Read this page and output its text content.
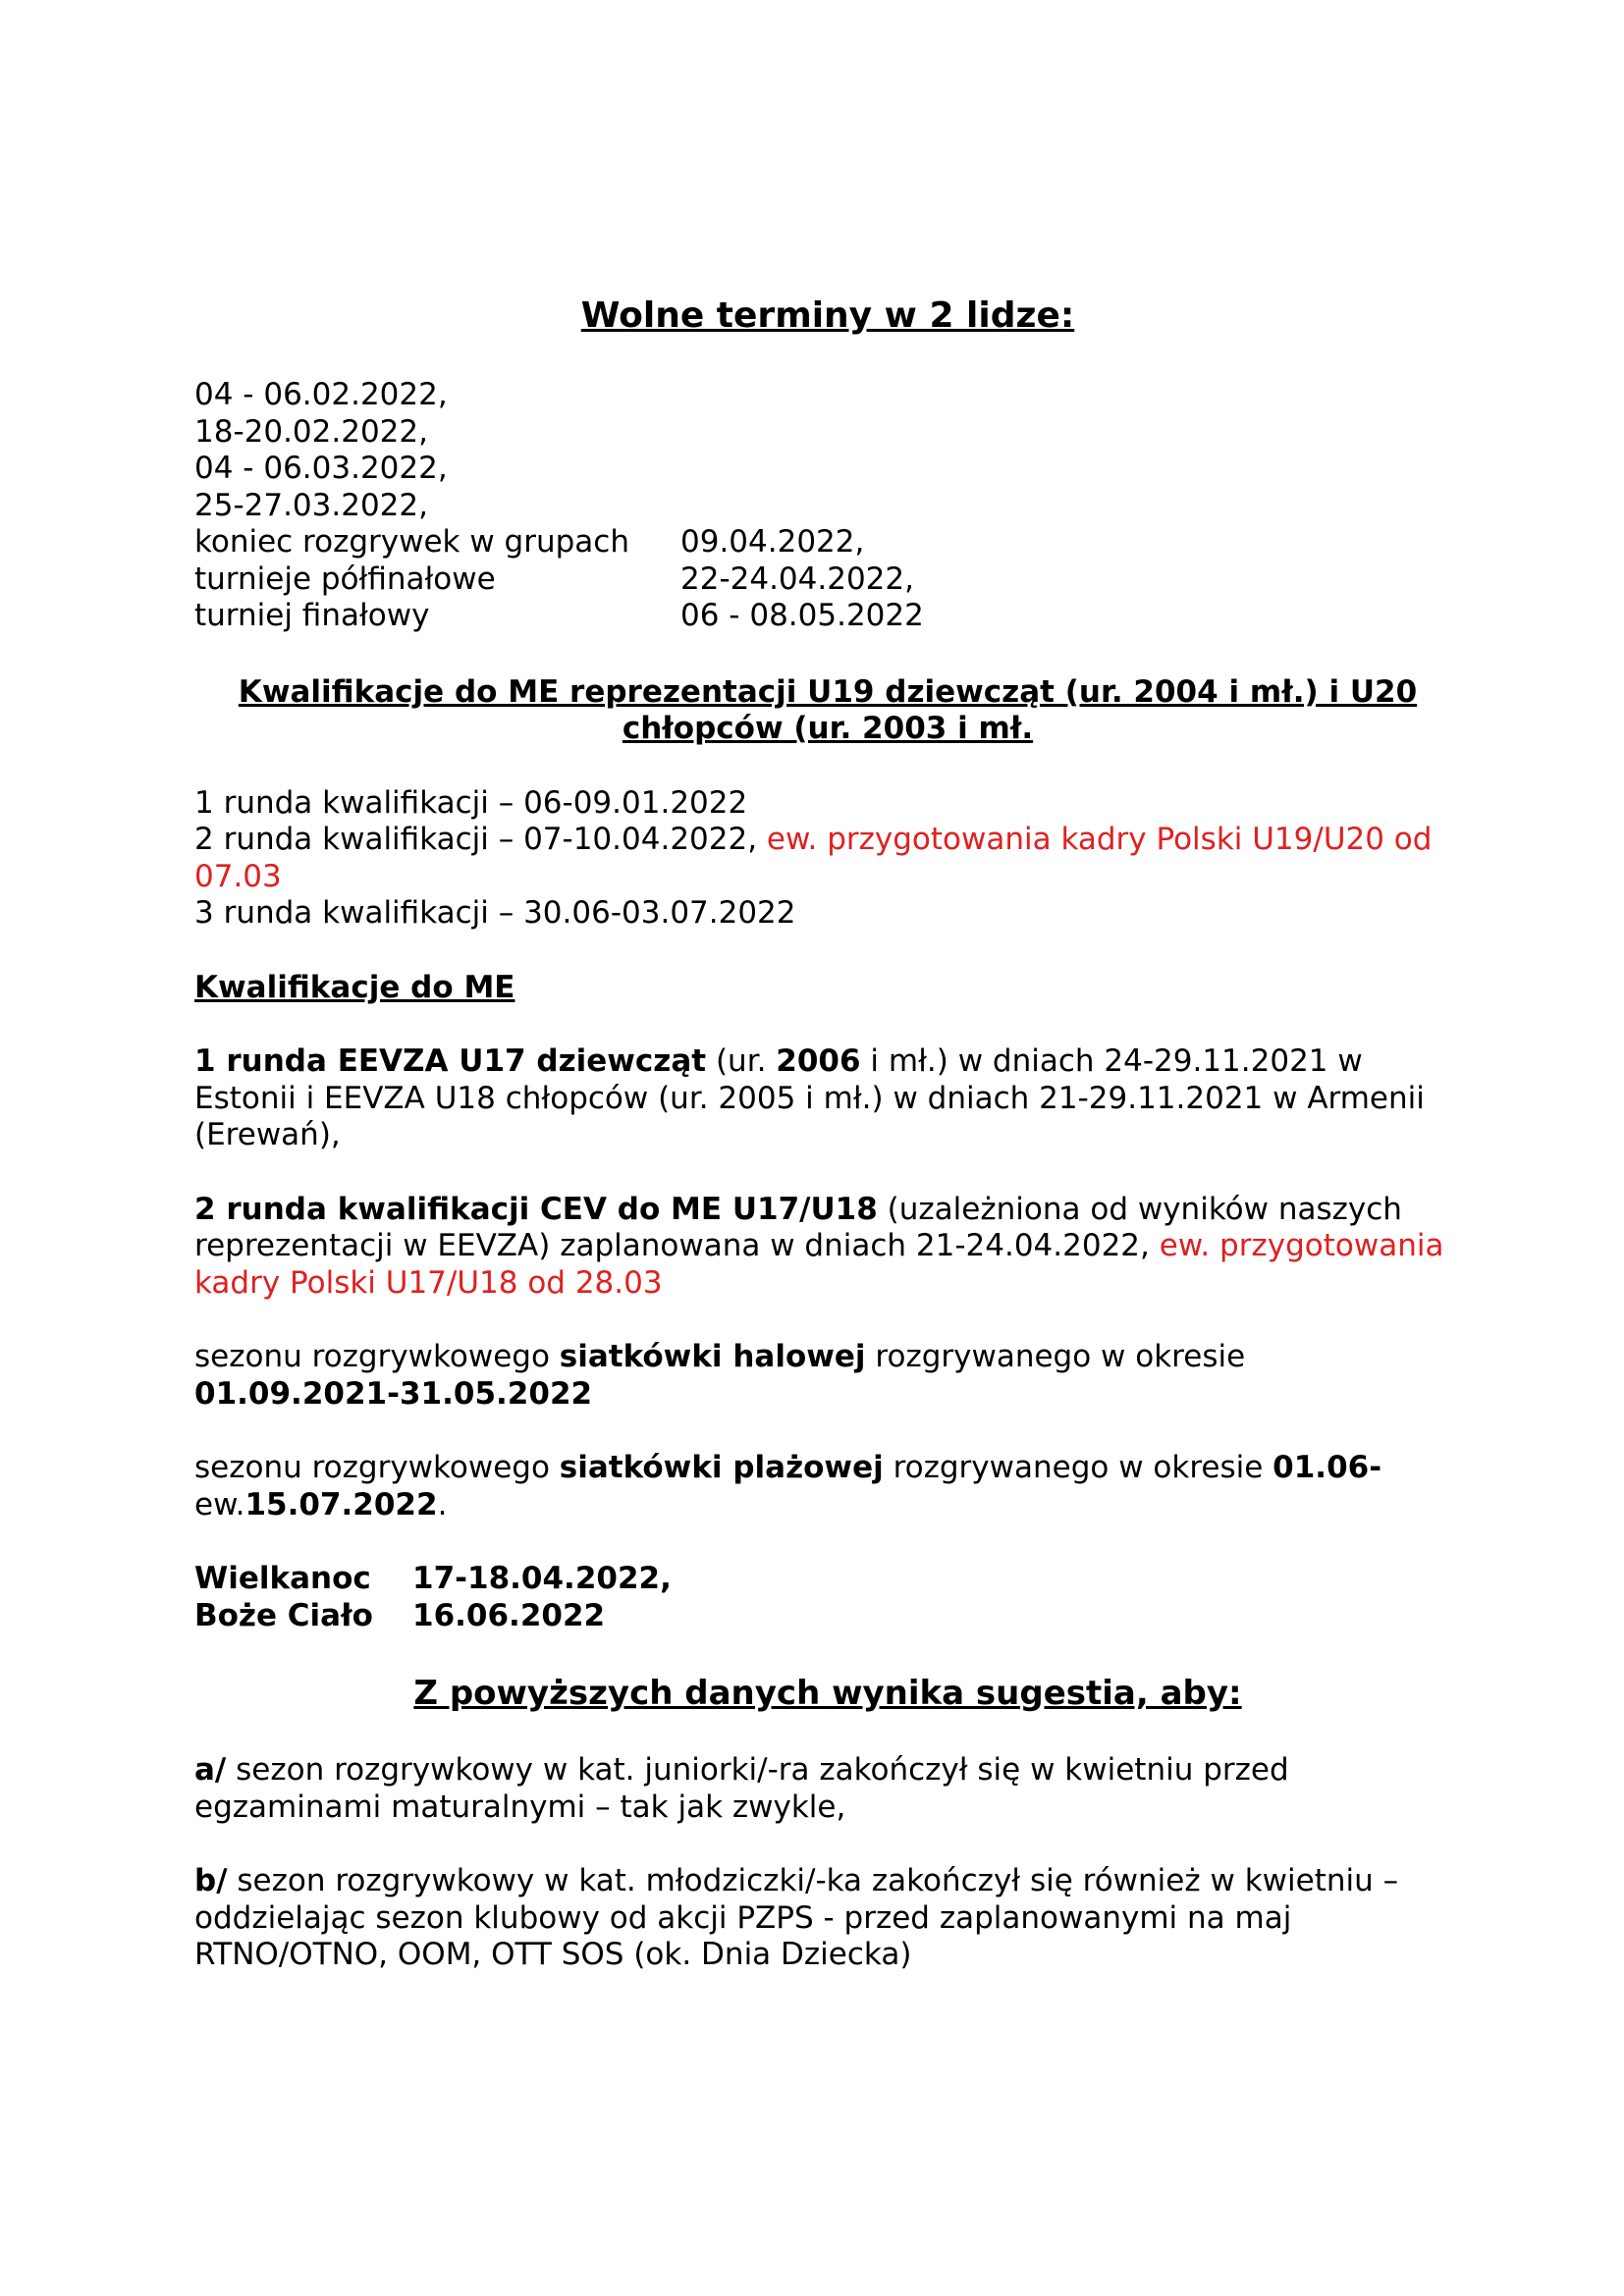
Wolne terminy w 2 lidze:

04 - 06.02.2022,

18-20.02.2022,

04 - 06.03.2022,

25-27.03.2022,

koniec rozgrywek w grupach	09.04.2022,
turnieje półfinałowe	22-24.04.2022,
turniej finałowy	06 - 08.05.2022

Kwalifikacje do ME reprezentacji U19 dziewcząt (ur. 2004 i mł.) i U20
chłopców (ur. 2003 i mł.

1 runda kwalifikacji – 06-09.01.2022

2 runda kwalifikacji – 07-10.04.2022, ew. przygotowania kadry Polski U19/U20 od 07.03

3 runda kwalifikacji – 30.06-03.07.2022

Kwalifikacje do ME

1 runda EEVZA U17 dziewcząt (ur. 2006 i mł.) w dniach 24-29.11.2021 w Estonii i EEVZA U18 chłopców (ur. 2005 i mł.) w dniach 21-29.11.2021 w Armenii (Erewań),

2 runda kwalifikacji CEV do ME U17/U18 (uzależniona od wyników naszych reprezentacji w EEVZA) zaplanowana w dniach 21-24.04.2022, ew. przygotowania kadry Polski U17/U18 od 28.03

sezonu rozgrywkowego siatkówki halowej rozgrywanego w okresie
01.09.2021-31.05.2022

sezonu rozgrywkowego siatkówki plażowej rozgrywanego w okresie 01.06-
ew.15.07.2022.

Wielkanoc	17-18.04.2022,
Boże Ciało	16.06.2022
Z powyższych danych wynika sugestia, aby:

a/ sezon rozgrywkowy w kat. juniorki/-ra zakończył się w kwietniu przed egzaminami maturalnymi – tak jak zwykle,

b/ sezon rozgrywkowy w kat. młodziczki/-ka zakończył się również w kwietniu – oddzielając sezon klubowy od akcji PZPS - przed zaplanowanymi na maj RTNO/OTNO, OOM, OTT SOS (ok. Dnia Dziecka)
